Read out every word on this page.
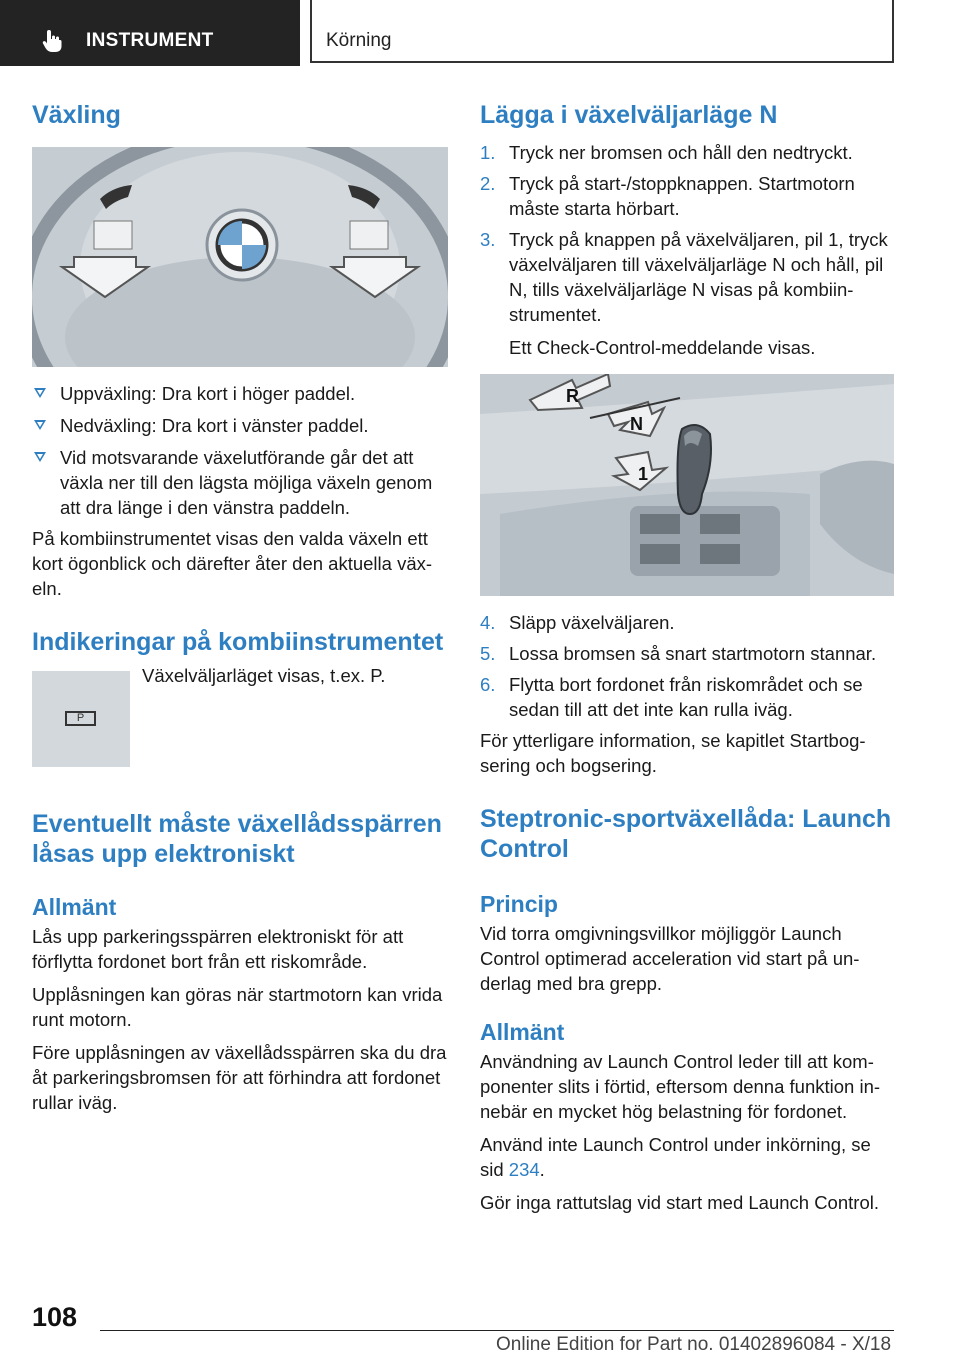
INSTRUMENT	Körning
Växling
Uppväxling: Dra kort i höger paddel.
Nedväxling: Dra kort i vänster paddel.
Vid motsvarande växelutförande går det att växla ner till den lägsta möjliga växeln genom att dra länge i den vänstra paddeln.

På kombiinstrumentet visas den valda växeln ett kort ögonblick och därefter åter den aktuella växeln.

Indikeringar på kombiinstrumentet
P

Växelväljarläget visas, t.ex. P.

Eventuellt måste växellådsspärren låsas upp elektroniskt
Allmänt

Lås upp parkeringsspärren elektroniskt för att förflytta fordonet bort från ett riskområde.

Upplåsningen kan göras när startmotorn kan vrida runt motorn.

Före upplåsningen av växellådsspärren ska du dra åt parkeringsbromsen för att förhindra att fordonet rullar iväg.

Lägga i växelväljarläge N
1. Tryck ner bromsen och håll den nedtryckt.
2. Tryck på start-/stoppknappen. Startmotorn måste starta hörbart.
3. Tryck på knappen på växelväljaren, pil 1, tryck växelväljaren till växelväljarläge N och håll, pil N, tills växelväljarläge N visas på kombiinstrumentet.

Ett Check-Control-meddelande visas.

R
N
1
4. Släpp växelväljaren.
5. Lossa bromsen så snart startmotorn stannar.
6. Flytta bort fordonet från riskområdet och se sedan till att det inte kan rulla iväg.

För ytterligare information, se kapitlet Startbogsering och bogsering.

Steptronic-sportväxellåda: Launch Control
Princip

Vid torra omgivningsvillkor möjliggör Launch Control optimerad acceleration vid start på underlag med bra grepp.

Allmänt

Användning av Launch Control leder till att komponenter slits i förtid, eftersom denna funktion innebär en mycket hög belastning för fordonet.

Använd inte Launch Control under inkörning, se sid 234.

Gör inga rattutslag vid start med Launch Control.

108
Online Edition for Part no. 01402896084 - X/18
